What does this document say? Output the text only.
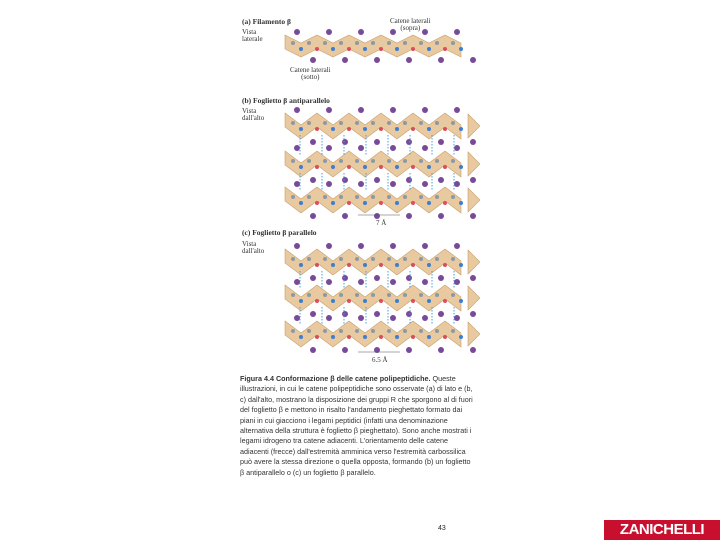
(a) Filamento β
Vista
laterale
Catene laterali
(sopra)
Catene laterali
(sotto)
(b) Foglietto β antiparallelo
Vista
dall'alto
7 Å
(c) Foglietto β parallelo
Vista
dall'alto
6.5 Å
Figura 4.4 Conformazione β delle catene polipeptidiche. Queste illustrazioni, in cui le catene polipeptidiche sono osservate (a) di lato e (b, c) dall'alto, mostrano la disposizione dei gruppi R che sporgono al di fuori del foglietto β e mettono in risalto l'andamento pieghettato formato dai piani in cui giacciono i legami peptidici (infatti una denominazione alternativa della struttura è foglietto β pieghettato). Sono anche mostrati i legami idrogeno tra catene adiacenti. L'orientamento delle catene adiacenti (frecce) dall'estremità amminica verso l'estremità carbossilica può avere la stessa direzione o quella opposta, formando (b) un foglietto β antiparallelo o (c) un foglietto β parallelo.
43	ZANICHELLI
